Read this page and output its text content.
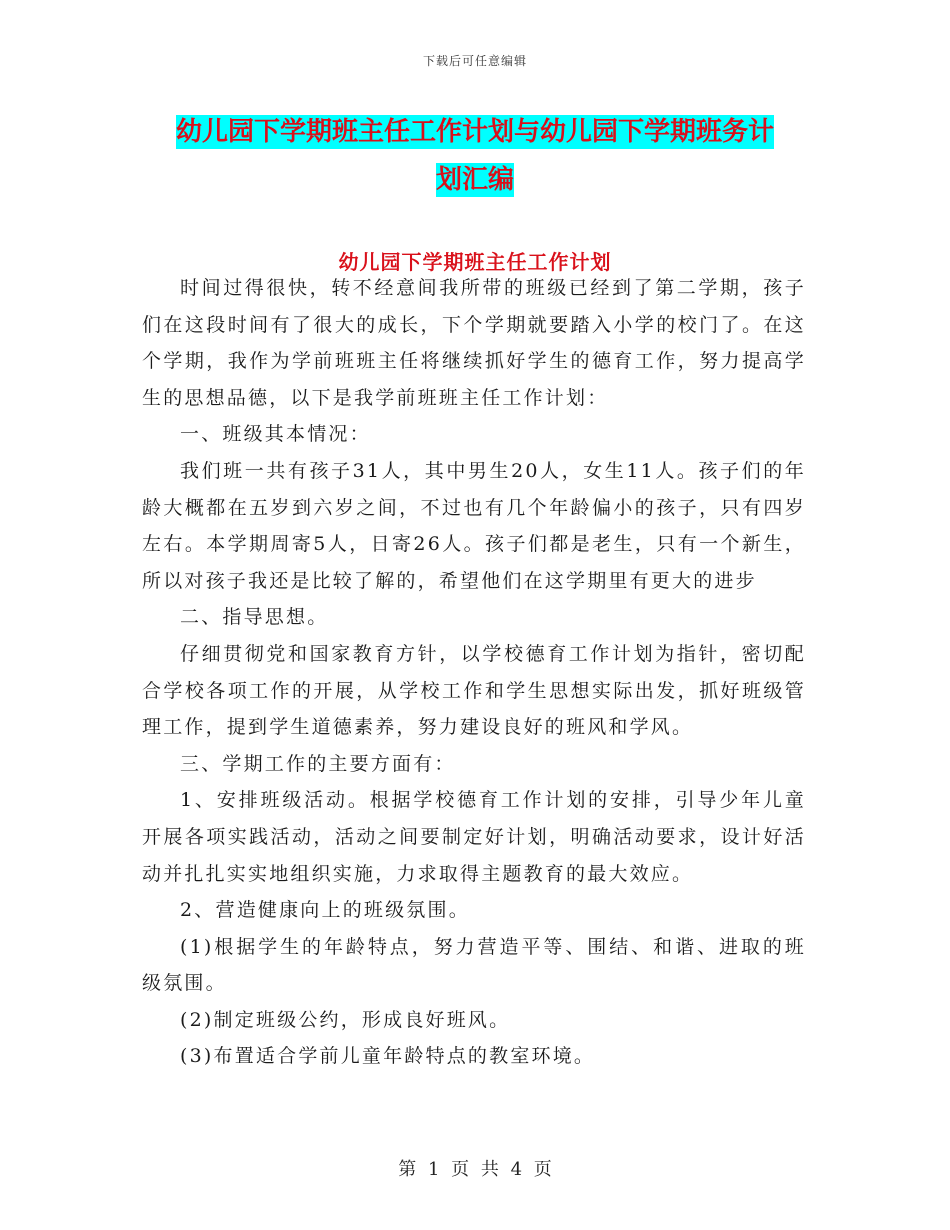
下载后可任意编辑
幼儿园下学期班主任工作计划与幼儿园下学期班务计
划汇编
幼儿园下学期班主任工作计划

时间过得很快，转不经意间我所带的班级已经到了第二学期，孩子们在这段时间有了很大的成长，下个学期就要踏入小学的校门了。在这个学期，我作为学前班班主任将继续抓好学生的德育工作，努力提高学生的思想品德，以下是我学前班班主任工作计划：

一、班级其本情况：

我们班一共有孩子31人，其中男生20人，女生11人。孩子们的年龄大概都在五岁到六岁之间，不过也有几个年龄偏小的孩子，只有四岁左右。本学期周寄5人，日寄26人。孩子们都是老生，只有一个新生，所以对孩子我还是比较了解的，希望他们在这学期里有更大的进步

二、指导思想。

仔细贯彻党和国家教育方针，以学校德育工作计划为指针，密切配合学校各项工作的开展，从学校工作和学生思想实际出发，抓好班级管理工作，提到学生道德素养，努力建设良好的班风和学风。

三、学期工作的主要方面有：

1、安排班级活动。根据学校德育工作计划的安排，引导少年儿童开展各项实践活动，活动之间要制定好计划，明确活动要求，设计好活动并扎扎实实地组织实施，力求取得主题教育的最大效应。

2、营造健康向上的班级氛围。

(1)根据学生的年龄特点，努力营造平等、围结、和谐、进取的班级氛围。

(2)制定班级公约，形成良好班风。

(3)布置适合学前儿童年龄特点的教室环境。

第 1 页 共 4 页
